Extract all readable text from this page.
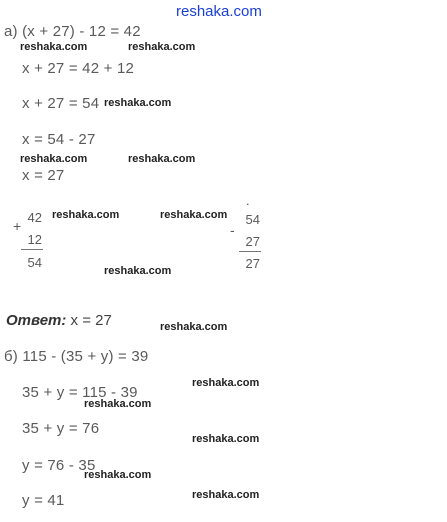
reshaka.com
а) (x + 27) - 12 = 42
reshaka.com	reshaka.com
x + 27 = 42 + 12
x + 27 = 54 reshaka.com
x = 54 - 27
reshaka.com	reshaka.com
x = 27
+
42
12
54
reshaka.com	reshaka.com
reshaka.com
·
-
54
27
27
Ответ: x = 27	reshaka.com
б) 115 - (35 + y) = 39
reshaka.com
35 + y = 115 - 39
reshaka.com
35 + y = 76
reshaka.com
y = 76 - 35
reshaka.com
reshaka.com
y = 41
